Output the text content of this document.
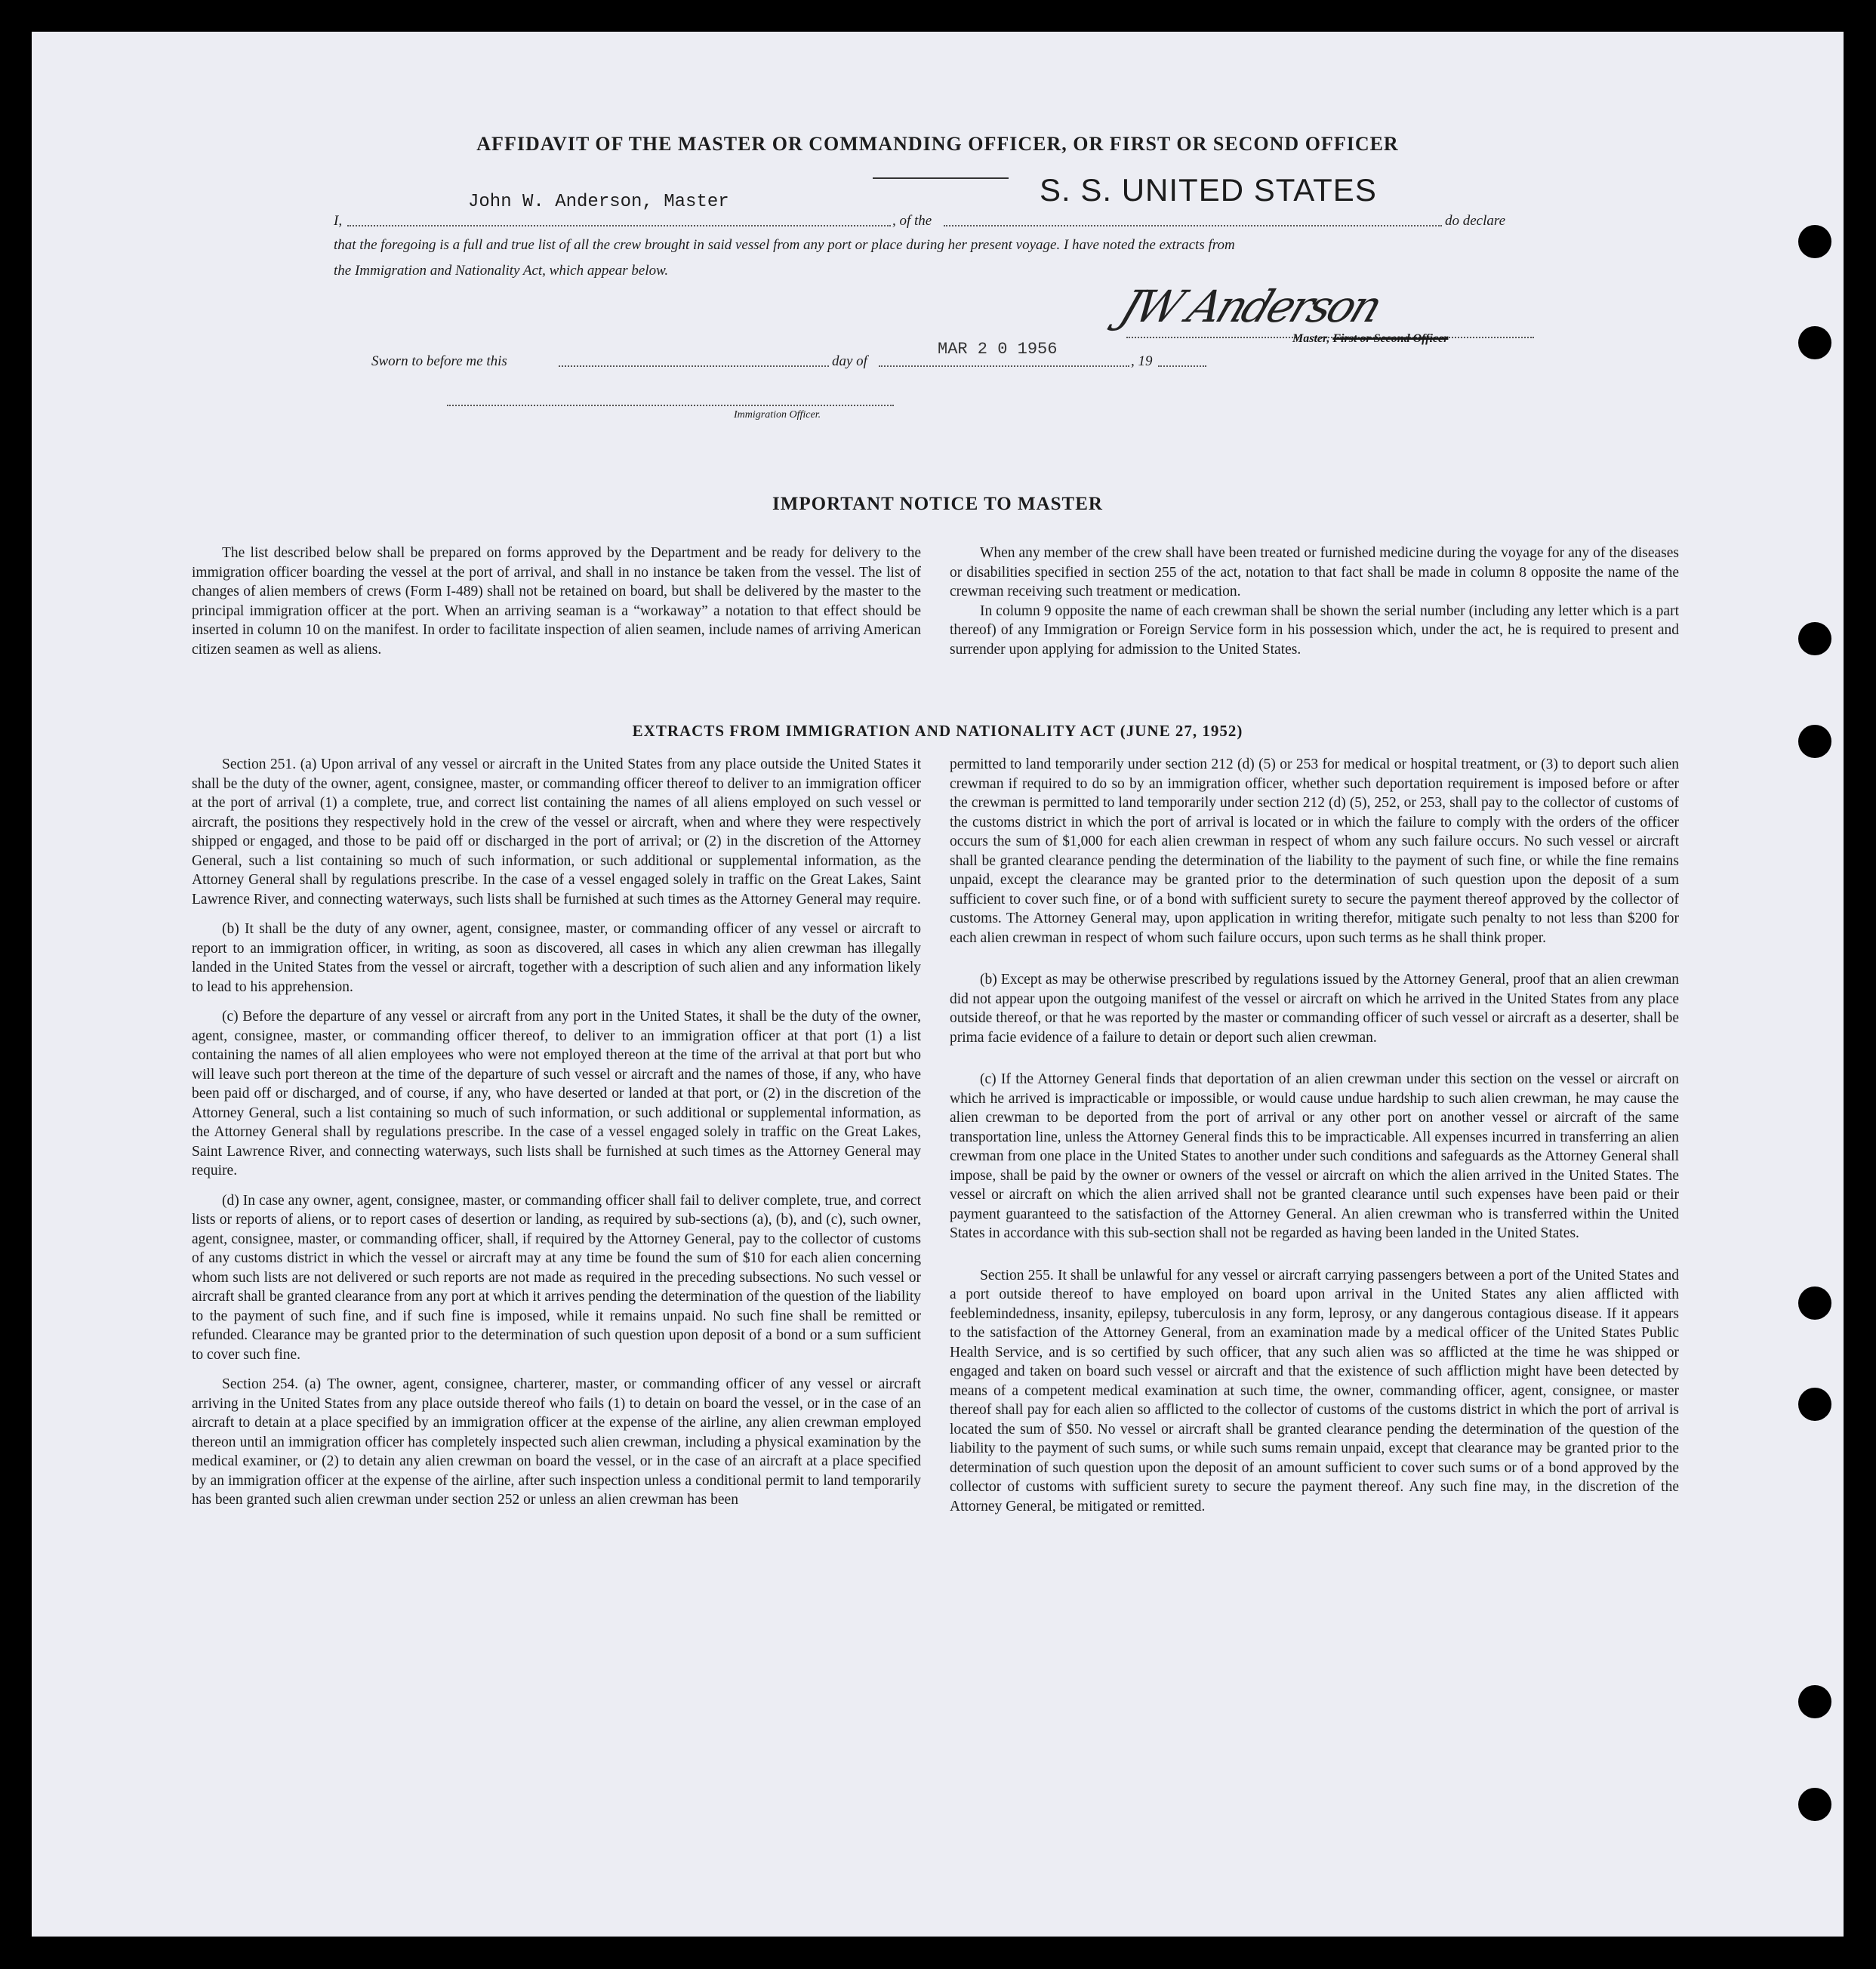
AFFIDAVIT OF THE MASTER OR COMMANDING OFFICER, OR FIRST OR SECOND OFFICER
I,
John W. Anderson, Master
, of the
S. S. UNITED STATES
do declare
that the foregoing is a full and true list of all the crew brought in said vessel from any port or place during her present voyage. I have noted the extracts from
the Immigration and Nationality Act, which appear below.
JW Anderson
Master, First or Second Officer
Sworn to before me this	day of
MAR 2 0 1956
, 19
Immigration Officer.
IMPORTANT NOTICE TO MASTER

The list described below shall be prepared on forms approved by the Department and be ready for delivery to the immigration officer boarding the vessel at the port of arrival, and shall in no instance be taken from the vessel. The list of changes of alien members of crews (Form I-489) shall not be retained on board, but shall be delivered by the master to the principal immigration officer at the port. When an arriving seaman is a “workaway” a notation to that effect should be inserted in column 10 on the manifest. In order to facilitate inspection of alien seamen, include names of arriving American citizen seamen as well as aliens.

When any member of the crew shall have been treated or furnished medicine during the voyage for any of the diseases or disabilities specified in section 255 of the act, notation to that fact shall be made in column 8 opposite the name of the crewman receiving such treatment or medication.

In column 9 opposite the name of each crewman shall be shown the serial number (including any letter which is a part thereof) of any Immigration or Foreign Service form in his possession which, under the act, he is required to present and surrender upon applying for admission to the United States.

EXTRACTS FROM IMMIGRATION AND NATIONALITY ACT (JUNE 27, 1952)

Section 251. (a) Upon arrival of any vessel or aircraft in the United States from any place outside the United States it shall be the duty of the owner, agent, consignee, master, or commanding officer thereof to deliver to an immigration officer at the port of arrival (1) a complete, true, and correct list containing the names of all aliens employed on such vessel or aircraft, the positions they respectively hold in the crew of the vessel or aircraft, when and where they were respectively shipped or engaged, and those to be paid off or discharged in the port of arrival; or (2) in the discretion of the Attorney General, such a list containing so much of such information, or such additional or supplemental information, as the Attorney General shall by regulations prescribe. In the case of a vessel engaged solely in traffic on the Great Lakes, Saint Lawrence River, and connecting waterways, such lists shall be furnished at such times as the Attorney General may require.

(b) It shall be the duty of any owner, agent, consignee, master, or commanding officer of any vessel or aircraft to report to an immigration officer, in writing, as soon as discovered, all cases in which any alien crewman has illegally landed in the United States from the vessel or aircraft, together with a description of such alien and any information likely to lead to his apprehension.

(c) Before the departure of any vessel or aircraft from any port in the United States, it shall be the duty of the owner, agent, consignee, master, or commanding officer thereof, to deliver to an immigration officer at that port (1) a list containing the names of all alien employees who were not employed thereon at the time of the arrival at that port but who will leave such port thereon at the time of the departure of such vessel or aircraft and the names of those, if any, who have been paid off or discharged, and of course, if any, who have deserted or landed at that port, or (2) in the discretion of the Attorney General, such a list containing so much of such information, or such additional or supplemental information, as the Attorney General shall by regulations prescribe. In the case of a vessel engaged solely in traffic on the Great Lakes, Saint Lawrence River, and connecting waterways, such lists shall be furnished at such times as the Attorney General may require.

(d) In case any owner, agent, consignee, master, or commanding officer shall fail to deliver complete, true, and correct lists or reports of aliens, or to report cases of desertion or landing, as required by sub-sections (a), (b), and (c), such owner, agent, consignee, master, or commanding officer, shall, if required by the Attorney General, pay to the collector of customs of any customs district in which the vessel or aircraft may at any time be found the sum of $10 for each alien concerning whom such lists are not delivered or such reports are not made as required in the preceding subsections. No such vessel or aircraft shall be granted clearance from any port at which it arrives pending the determination of the question of the liability to the payment of such fine, and if such fine is imposed, while it remains unpaid. No such fine shall be remitted or refunded. Clearance may be granted prior to the determination of such question upon deposit of a bond or a sum sufficient to cover such fine.

Section 254. (a) The owner, agent, consignee, charterer, master, or commanding officer of any vessel or aircraft arriving in the United States from any place outside thereof who fails (1) to detain on board the vessel, or in the case of an aircraft to detain at a place specified by an immigration officer at the expense of the airline, any alien crewman employed thereon until an immigration officer has completely inspected such alien crewman, including a physical examination by the medical examiner, or (2) to detain any alien crewman on board the vessel, or in the case of an aircraft at a place specified by an immigration officer at the expense of the airline, after such inspection unless a conditional permit to land temporarily has been granted such alien crewman under section 252 or unless an alien crewman has been

permitted to land temporarily under section 212 (d) (5) or 253 for medical or hospital treatment, or (3) to deport such alien crewman if required to do so by an immigration officer, whether such deportation requirement is imposed before or after the crewman is permitted to land temporarily under section 212 (d) (5), 252, or 253, shall pay to the collector of customs of the customs district in which the port of arrival is located or in which the failure to comply with the orders of the officer occurs the sum of $1,000 for each alien crewman in respect of whom any such failure occurs. No such vessel or aircraft shall be granted clearance pending the determination of the liability to the payment of such fine, or while the fine remains unpaid, except the clearance may be granted prior to the determination of such question upon the deposit of a sum sufficient to cover such fine, or of a bond with sufficient surety to secure the payment thereof approved by the collector of customs. The Attorney General may, upon application in writing therefor, mitigate such penalty to not less than $200 for each alien crewman in respect of whom such failure occurs, upon such terms as he shall think proper.

(b) Except as may be otherwise prescribed by regulations issued by the Attorney General, proof that an alien crewman did not appear upon the outgoing manifest of the vessel or aircraft on which he arrived in the United States from any place outside thereof, or that he was reported by the master or commanding officer of such vessel or aircraft as a deserter, shall be prima facie evidence of a failure to detain or deport such alien crewman.

(c) If the Attorney General finds that deportation of an alien crewman under this section on the vessel or aircraft on which he arrived is impracticable or impossible, or would cause undue hardship to such alien crewman, he may cause the alien crewman to be deported from the port of arrival or any other port on another vessel or aircraft of the same transportation line, unless the Attorney General finds this to be impracticable. All expenses incurred in transferring an alien crewman from one place in the United States to another under such conditions and safeguards as the Attorney General shall impose, shall be paid by the owner or owners of the vessel or aircraft on which the alien arrived in the United States. The vessel or aircraft on which the alien arrived shall not be granted clearance until such expenses have been paid or their payment guaranteed to the satisfaction of the Attorney General. An alien crewman who is transferred within the United States in accordance with this sub-section shall not be regarded as having been landed in the United States.

Section 255. It shall be unlawful for any vessel or aircraft carrying passengers between a port of the United States and a port outside thereof to have employed on board upon arrival in the United States any alien afflicted with feeblemindedness, insanity, epilepsy, tuberculosis in any form, leprosy, or any dangerous contagious disease. If it appears to the satisfaction of the Attorney General, from an examination made by a medical officer of the United States Public Health Service, and is so certified by such officer, that any such alien was so afflicted at the time he was shipped or engaged and taken on board such vessel or aircraft and that the existence of such affliction might have been detected by means of a competent medical examination at such time, the owner, commanding officer, agent, consignee, or master thereof shall pay for each alien so afflicted to the collector of customs of the customs district in which the port of arrival is located the sum of $50. No vessel or aircraft shall be granted clearance pending the determination of the question of the liability to the payment of such sums, or while such sums remain unpaid, except that clearance may be granted prior to the determination of such question upon the deposit of an amount sufficient to cover such sums or of a bond approved by the collector of customs with sufficient surety to secure the payment thereof. Any such fine may, in the discretion of the Attorney General, be mitigated or remitted.
